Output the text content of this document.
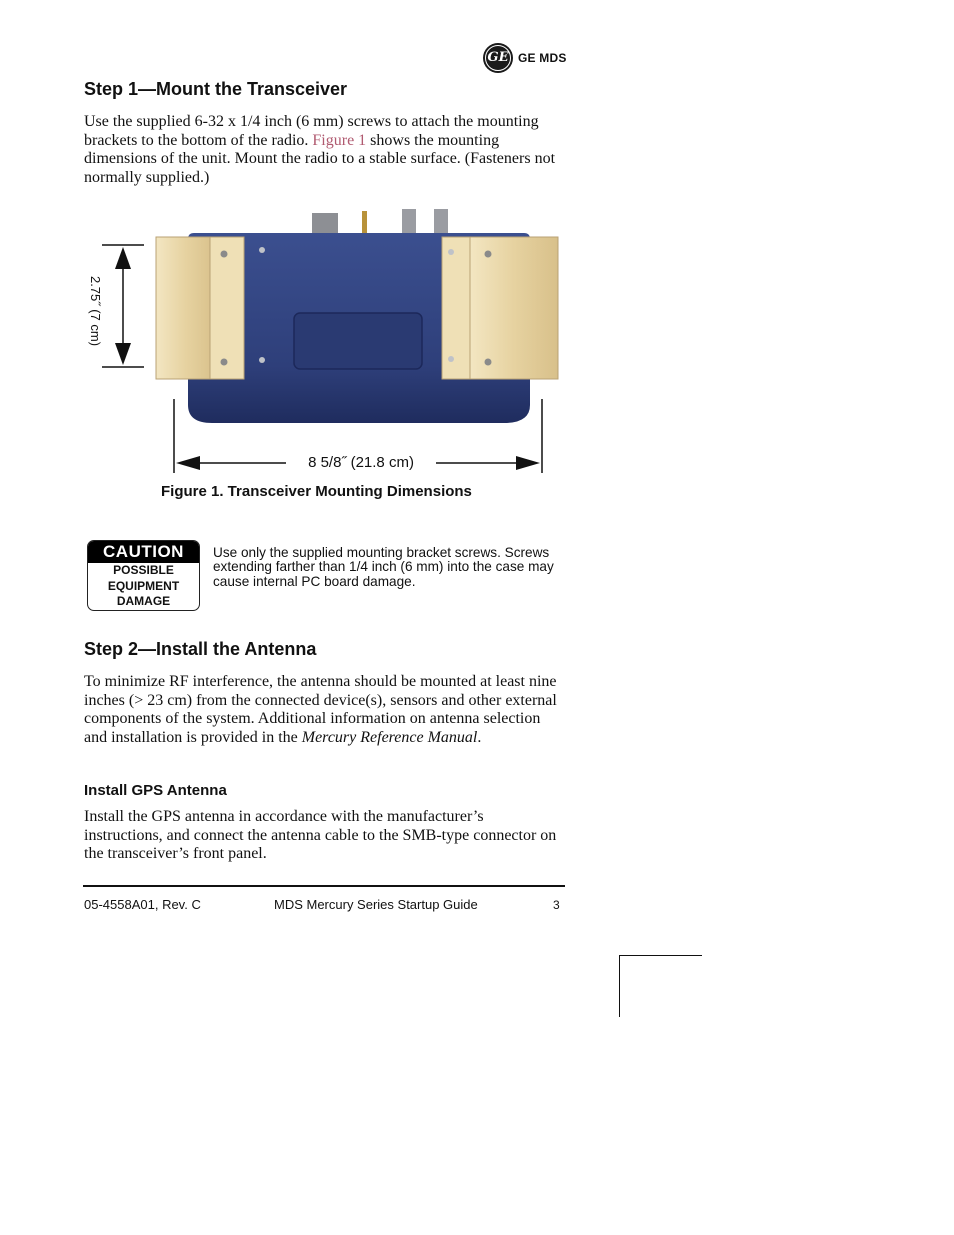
GE GE MDS
Step 1—Mount the Transceiver

Use the supplied 6-32 x 1/4 inch (6 mm) screws to attach the mounting brackets to the bottom of the radio. Figure 1 shows the mounting dimensions of the unit. Mount the radio to a stable surface. (Fasteners not normally supplied.)

8 5/8˝ (21.8 cm)
2.75˝ (7 cm)

Figure 1. Transceiver Mounting Dimensions

CAUTION
POSSIBLE
EQUIPMENT
DAMAGE

Use only the supplied mounting bracket screws. Screws extending farther than 1/4 inch (6 mm) into the case may cause internal PC board damage.

Step 2—Install the Antenna

To minimize RF interference, the antenna should be mounted at least nine inches (> 23 cm) from the connected device(s), sensors and other external components of the system. Additional information on antenna selection and installation is provided in the Mercury Reference Manual.

Install GPS Antenna

Install the GPS antenna in accordance with the manufacturer’s instructions, and connect the antenna cable to the SMB-type connector on the transceiver’s front panel.

05-4558A01, Rev. C	MDS Mercury Series Startup Guide	3
